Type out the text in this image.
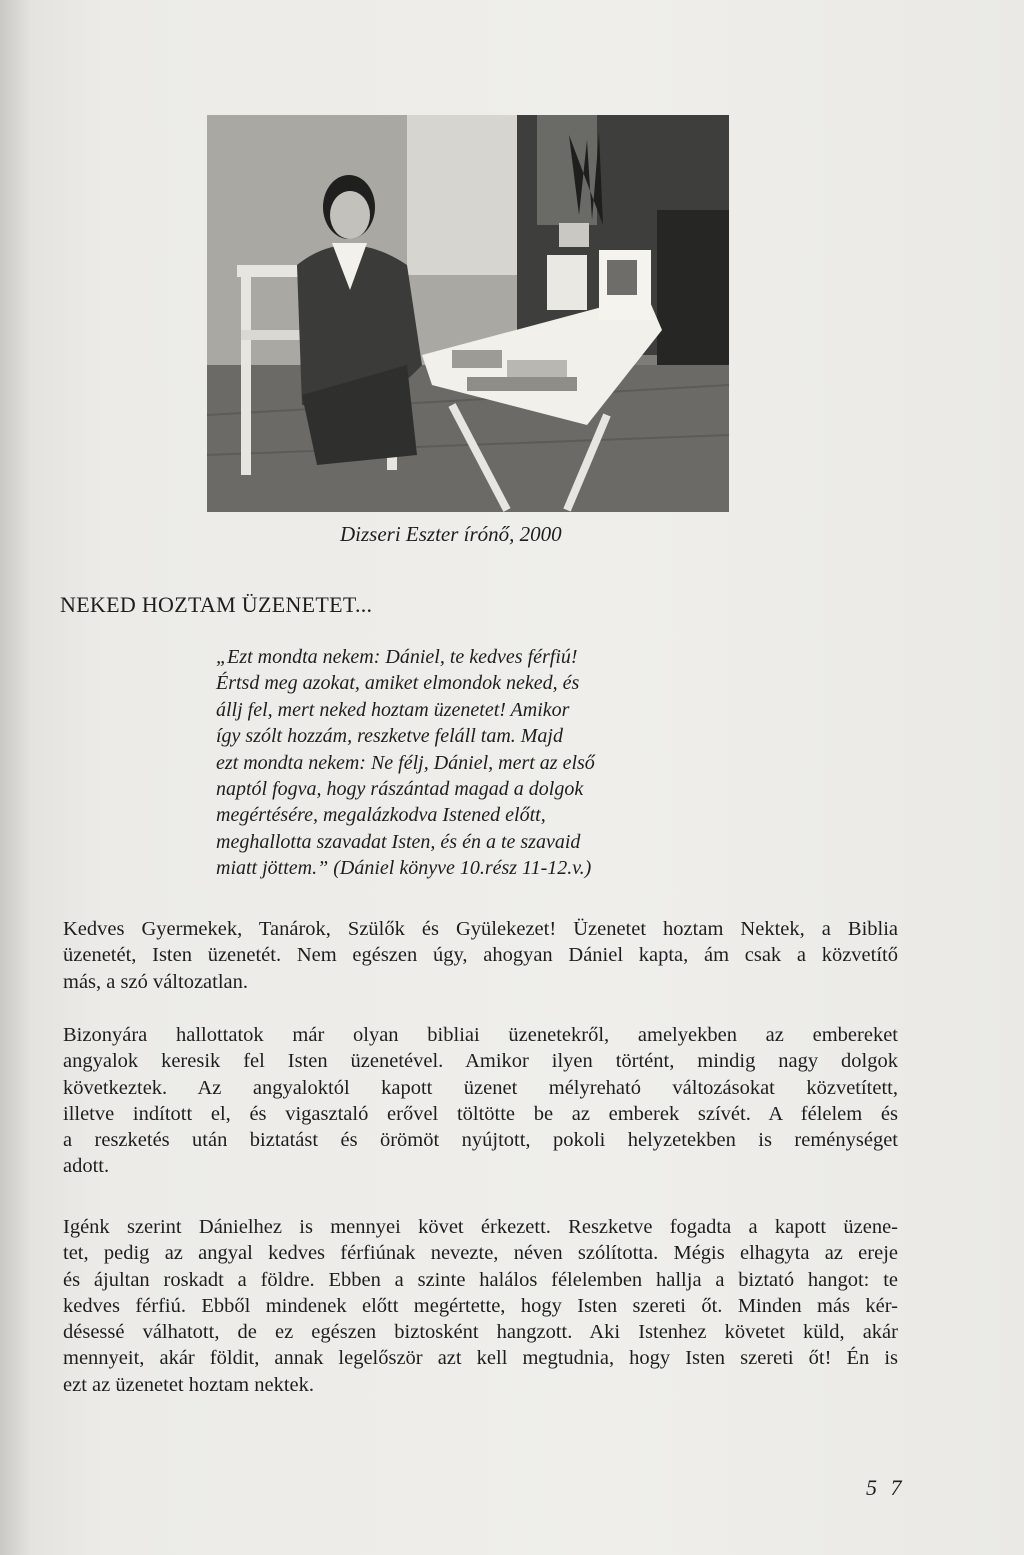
Dizseri Eszter írónő, 2000
NEKED HOZTAM ÜZENETET...
„Ezt mondta nekem: Dániel, te kedves férfiú!
Értsd meg azokat, amiket elmondok neked, és
állj fel, mert neked hoztam üzenetet! Amikor
így szólt hozzám, reszketve feláll tam. Majd
ezt mondta nekem: Ne félj, Dániel, mert az első
naptól fogva, hogy rászántad magad a dolgok
megértésére, megalázkodva Istened előtt,
meghallotta szavadat Isten, és én a te szavaid
miatt jöttem.” (Dániel könyve 10.rész 11-12.v.)
Kedves Gyermekek, Tanárok, Szülők és Gyülekezet! Üzenetet hoztam Nektek, a Biblia
üzenetét, Isten üzenetét. Nem egészen úgy, ahogyan Dániel kapta, ám csak a közvetítő
más, a szó változatlan.
Bizonyára hallottatok már olyan bibliai üzenetekről, amelyekben az embereket
angyalok keresik fel Isten üzenetével. Amikor ilyen történt, mindig nagy dolgok
következtek. Az angyaloktól kapott üzenet mélyreható változásokat közvetített,
illetve indított el, és vigasztaló erővel töltötte be az emberek szívét. A félelem és
a reszketés után biztatást és örömöt nyújtott, pokoli helyzetekben is reménységet
adott.
Igénk szerint Dánielhez is mennyei követ érkezett. Reszketve fogadta a kapott üzene-
tet, pedig az angyal kedves férfiúnak nevezte, néven szólította. Mégis elhagyta az ereje
és ájultan roskadt a földre. Ebben a szinte halálos félelemben hallja a biztató hangot: te
kedves férfiú. Ebből mindenek előtt megértette, hogy Isten szereti őt. Minden más kér-
désessé válhatott, de ez egészen biztosként hangzott. Aki Istenhez követet küld, akár
mennyeit, akár földit, annak legelőször azt kell megtudnia, hogy Isten szereti őt! Én is
ezt az üzenetet hoztam nektek.
5 7
